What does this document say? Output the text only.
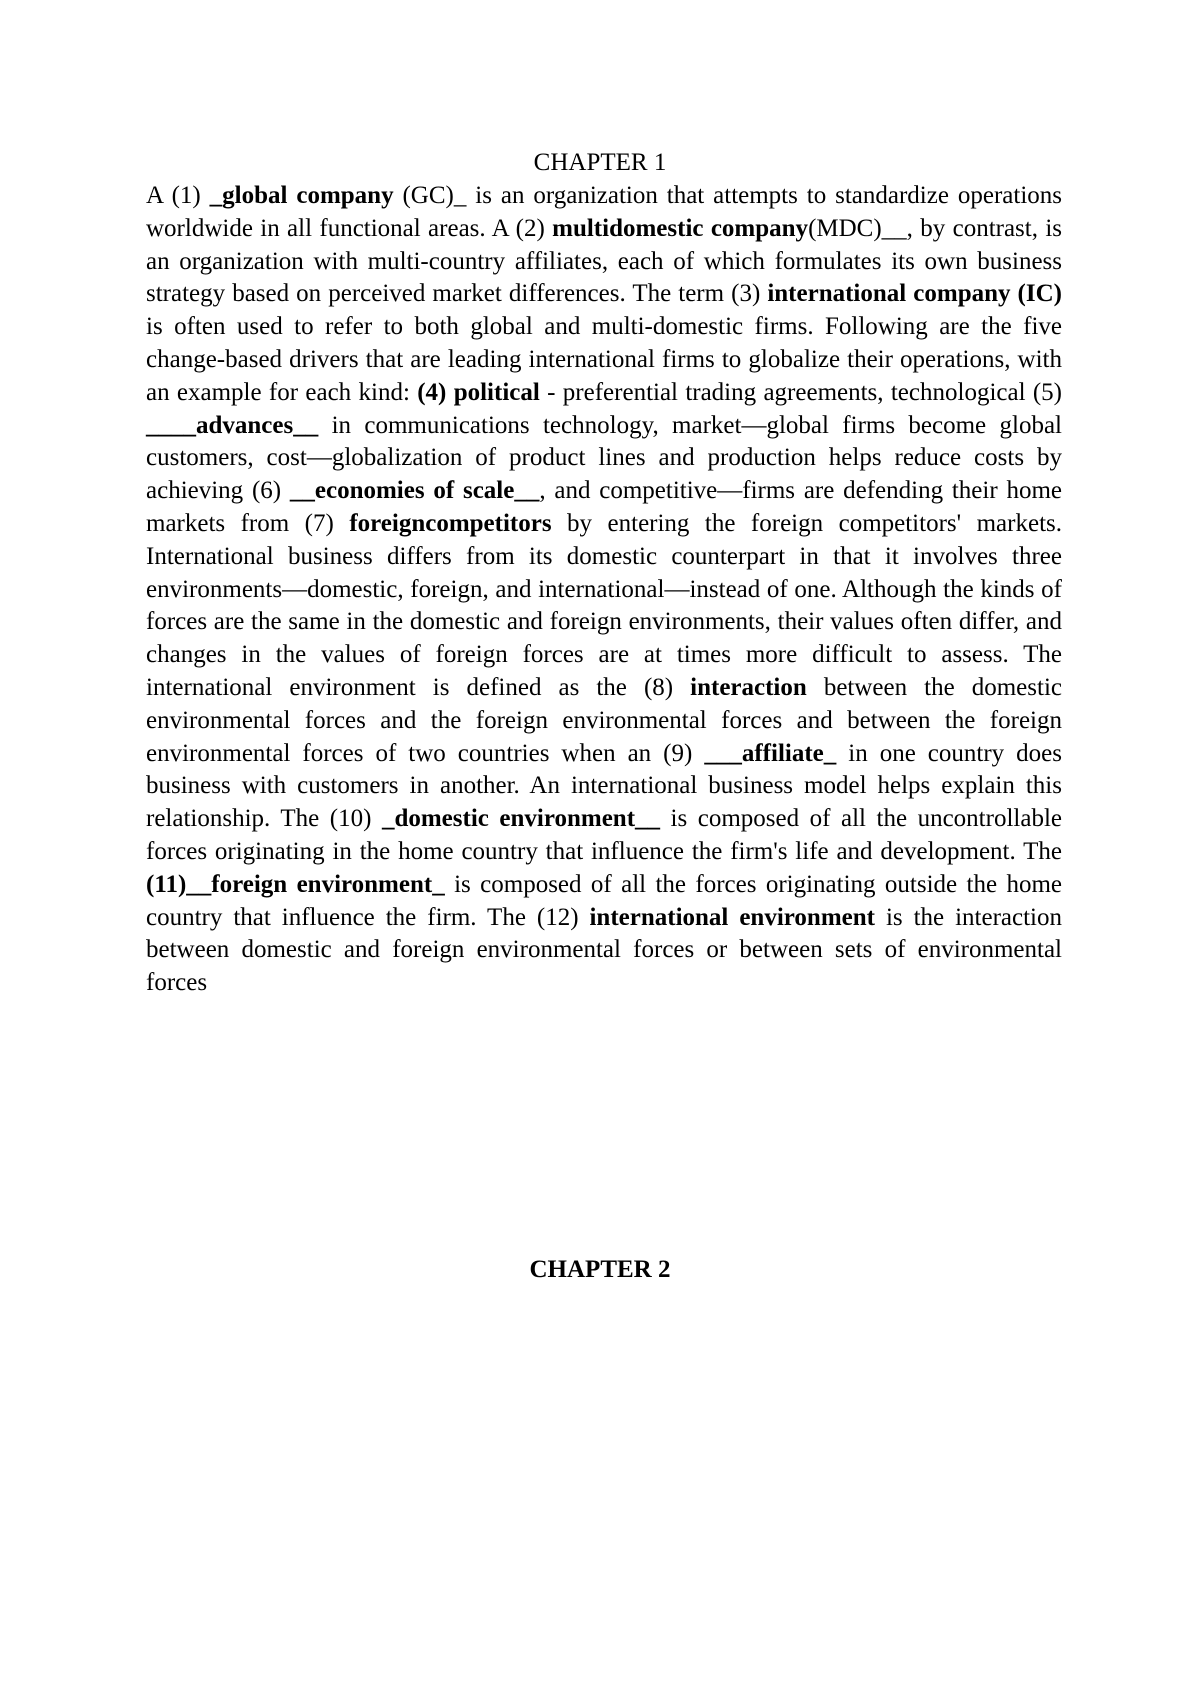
CHAPTER 1

A (1) _global company (GC)_ is an organization that attempts to standardize operations worldwide in all functional areas. A (2) multidomestic company(MDC)__, by contrast, is an organization with multi-country affiliates, each of which formulates its own business strategy based on perceived market differences. The term (3) international company (IC) is often used to refer to both global and multi-domestic firms. Following are the five change-based drivers that are leading international firms to globalize their operations, with an example for each kind: (4) political - preferential trading agreements, technological (5) ____advances__ in communications technology, market—global firms become global customers, cost—globalization of product lines and production helps reduce costs by achieving (6) __economies of scale__, and competitive—firms are defending their home markets from (7) foreigncompetitors by entering the foreign competitors' markets. International business differs from its domestic counterpart in that it involves three environments—domestic, foreign, and international—instead of one. Although the kinds of forces are the same in the domestic and foreign environments, their values often differ, and changes in the values of foreign forces are at times more difficult to assess. The international environment is defined as the (8) interaction between the domestic environmental forces and the foreign environmental forces and between the foreign environmental forces of two countries when an (9) ___affiliate_ in one country does business with customers in another. An international business model helps explain this relationship. The (10) _domestic environment__ is composed of all the uncontrollable forces originating in the home country that influence the firm's life and development. The (11)__foreign environment_ is composed of all the forces originating outside the home country that influence the firm. The (12) international environment is the interaction between domestic and foreign environmental forces or between sets of environmental forces

CHAPTER 2
